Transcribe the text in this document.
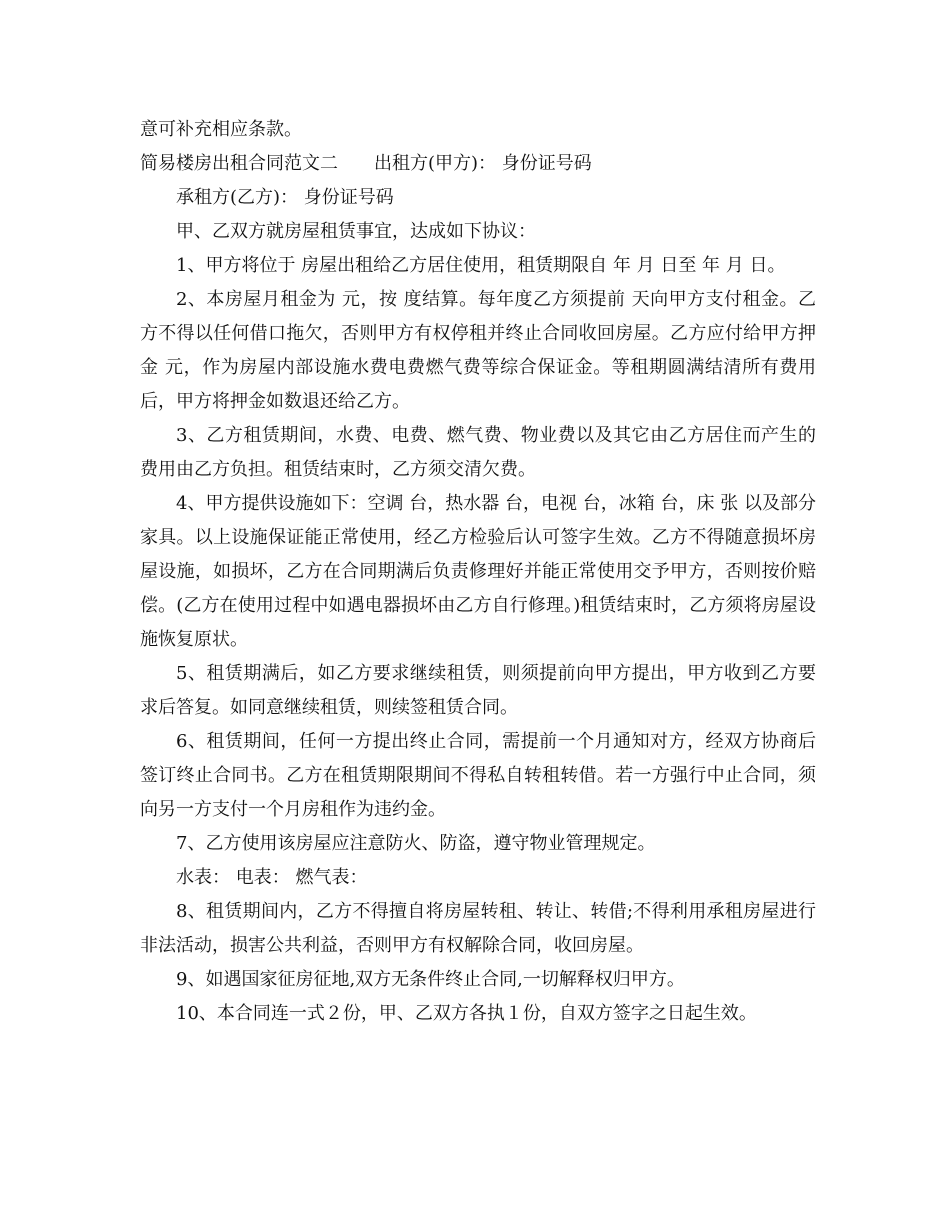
意可补充相应条款。

简易楼房出租合同范文二 出租方(甲方)： 身份证号码

承租方(乙方)： 身份证号码

甲、乙双方就房屋租赁事宜，达成如下协议：

1、甲方将位于 房屋出租给乙方居住使用，租赁期限自 年 月 日至 年 月 日。

2、本房屋月租金为 元，按 度结算。每年度乙方须提前 天向甲方支付租金。乙方不得以任何借口拖欠，否则甲方有权停租并终止合同收回房屋。乙方应付给甲方押金 元，作为房屋内部设施水费电费燃气费等综合保证金。等租期圆满结清所有费用后，甲方将押金如数退还给乙方。

3、乙方租赁期间，水费、电费、燃气费、物业费以及其它由乙方居住而产生的费用由乙方负担。租赁结束时，乙方须交清欠费。

4、甲方提供设施如下：空调 台，热水器 台，电视 台，冰箱 台，床 张 以及部分家具。以上设施保证能正常使用，经乙方检验后认可签字生效。乙方不得随意损坏房屋设施，如损坏，乙方在合同期满后负责修理好并能正常使用交予甲方，否则按价赔偿。(乙方在使用过程中如遇电器损坏由乙方自行修理。)租赁结束时，乙方须将房屋设施恢复原状。

5、租赁期满后，如乙方要求继续租赁，则须提前向甲方提出，甲方收到乙方要求后答复。如同意继续租赁，则续签租赁合同。

6、租赁期间，任何一方提出终止合同，需提前一个月通知对方，经双方协商后签订终止合同书。乙方在租赁期限期间不得私自转租转借。若一方强行中止合同，须向另一方支付一个月房租作为违约金。

7、乙方使用该房屋应注意防火、防盗，遵守物业管理规定。

水表： 电表： 燃气表：

8、租赁期间内，乙方不得擅自将房屋转租、转让、转借;不得利用承租房屋进行非法活动，损害公共利益，否则甲方有权解除合同，收回房屋。

9、如遇国家征房征地,双方无条件终止合同,一切解释权归甲方。

10、本合同连一式２份，甲、乙双方各执１份，自双方签字之日起生效。
